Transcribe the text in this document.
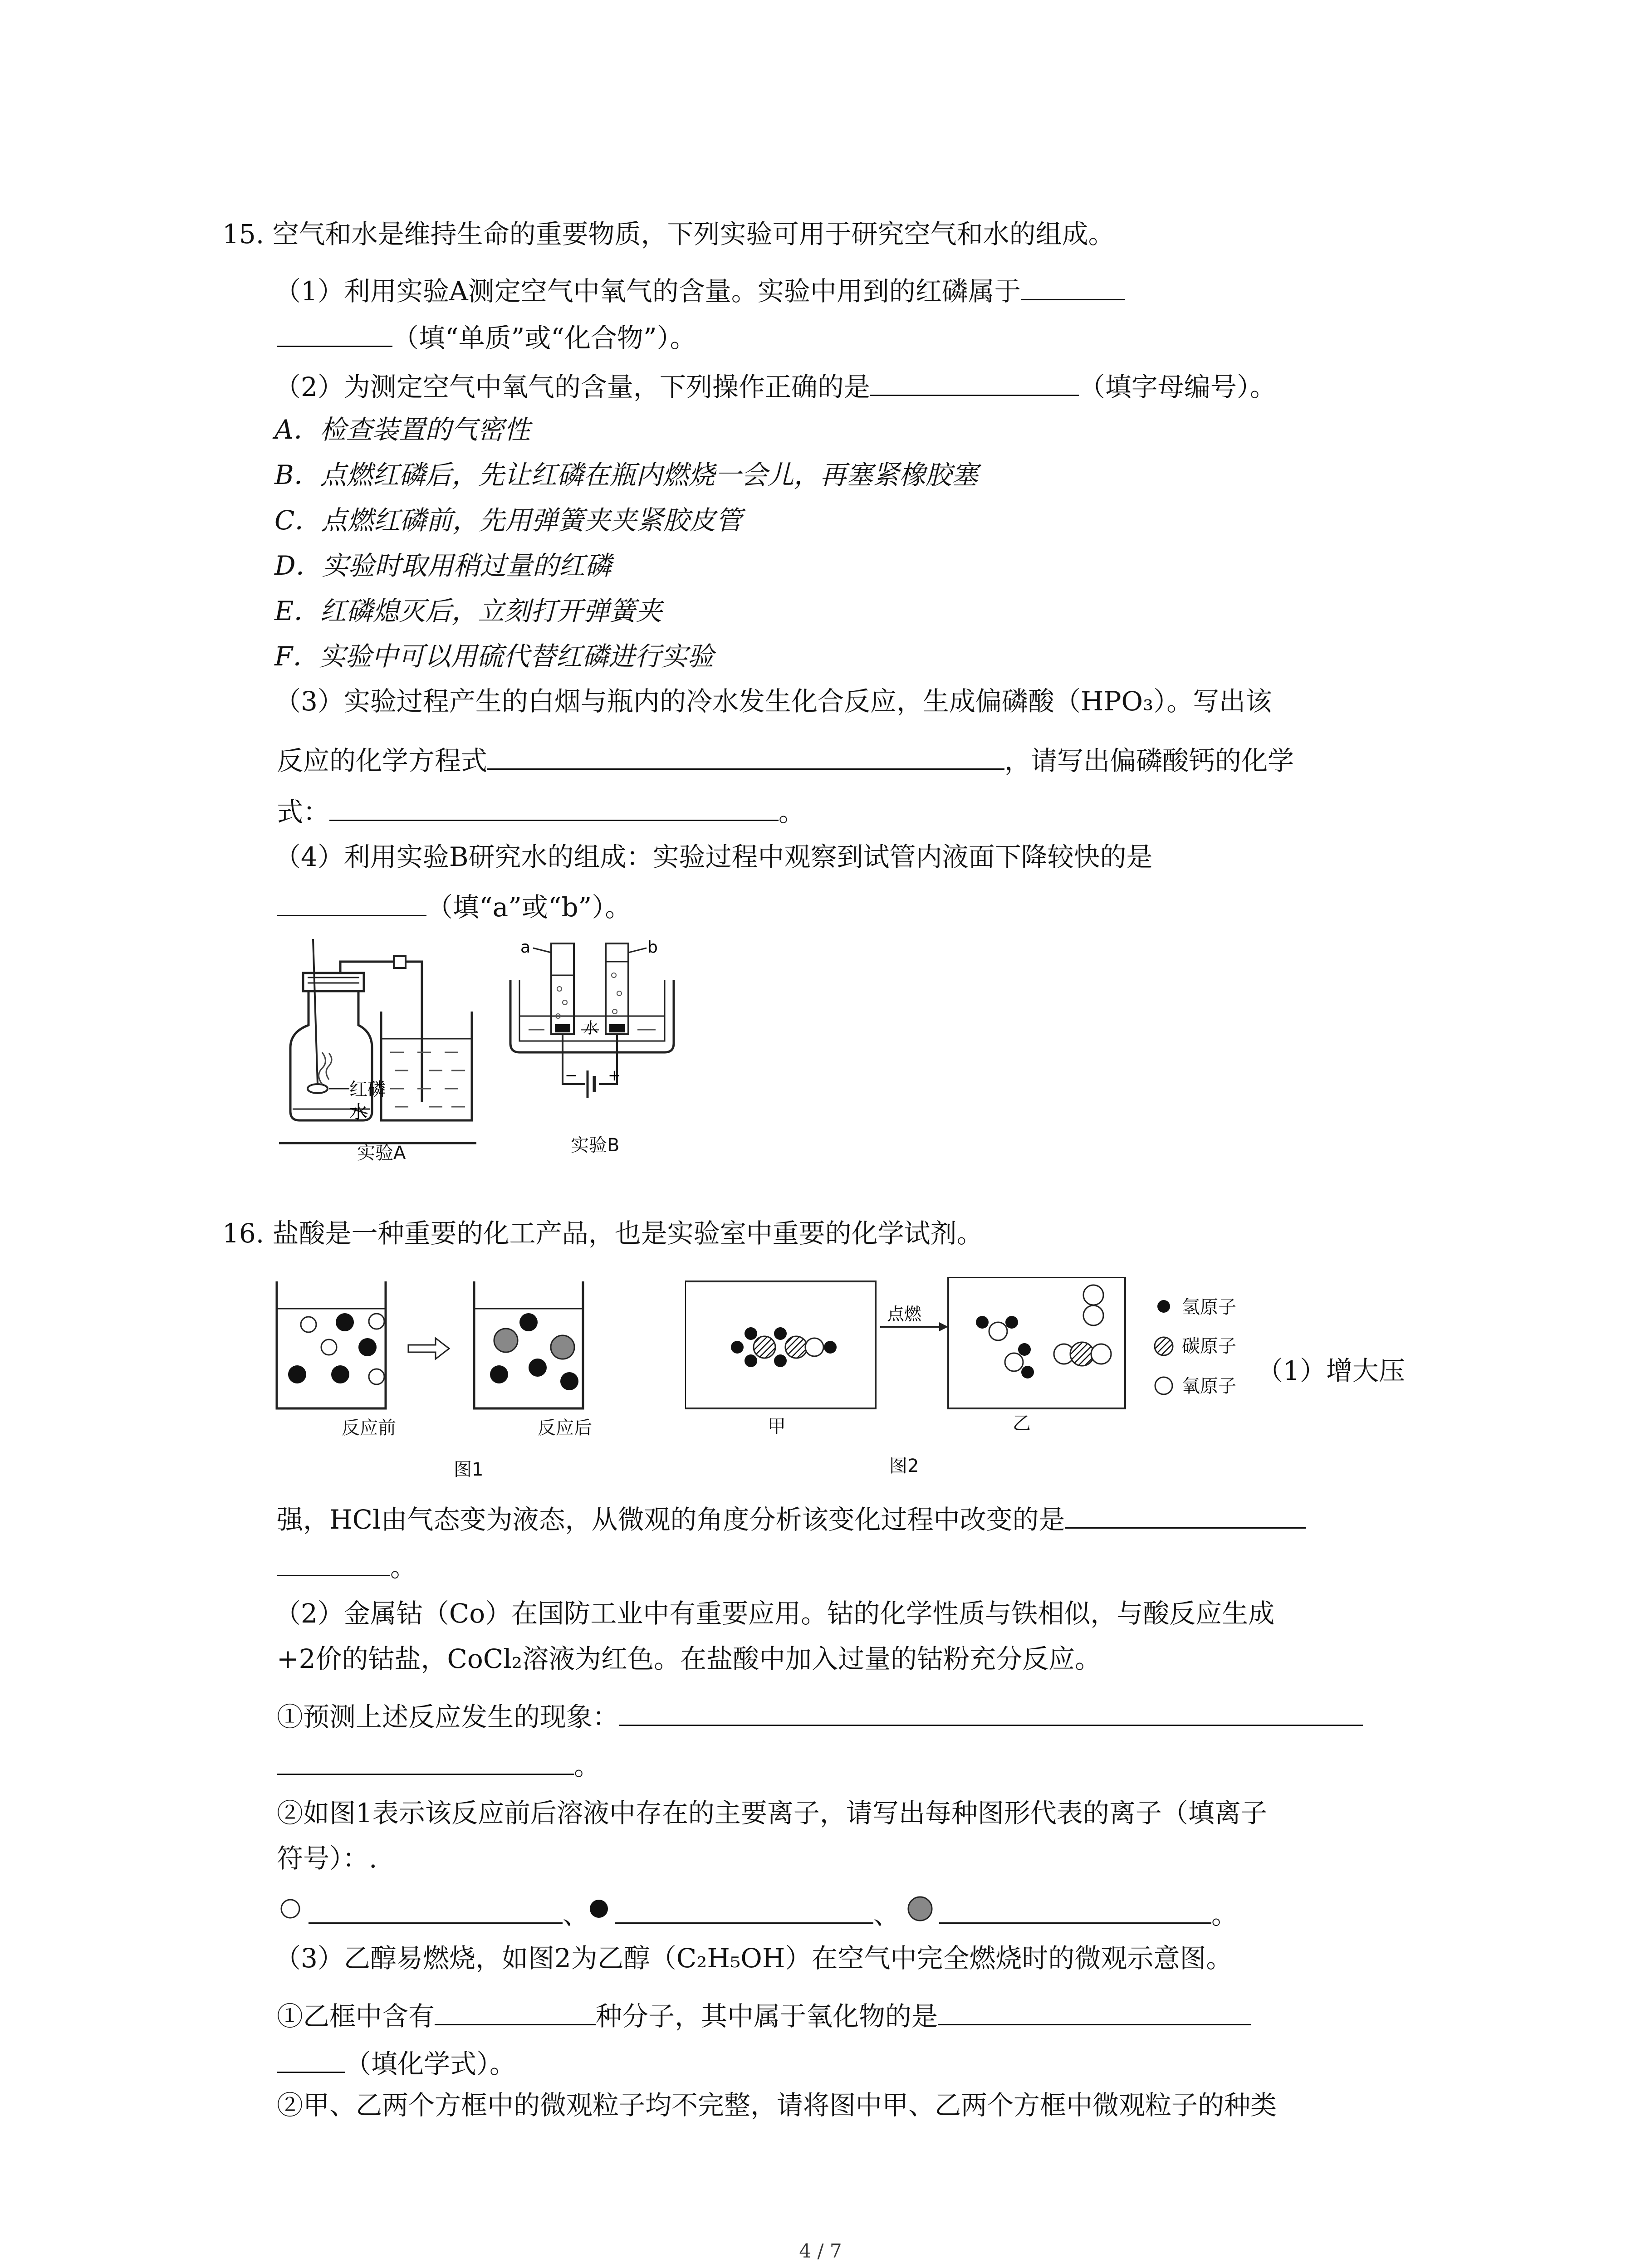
15. 空气和水是维持生命的重要物质，下列实验可用于研究空气和水的组成。
（1）利用实验A测定空气中氧气的含量。实验中用到的红磷属于
（填“单质”或“化合物”）。
（2）为测定空气中氧气的含量，下列操作正确的是	（填字母编号）。
A．检查装置的气密性
B．点燃红磷后，先让红磷在瓶内燃烧一会儿，再塞紧橡胶塞
C．点燃红磷前，先用弹簧夹夹紧胶皮管
D．实验时取用稍过量的红磷
E．红磷熄灭后，立刻打开弹簧夹
F．实验中可以用硫代替红磷进行实验
（3）实验过程产生的白烟与瓶内的冷水发生化合反应，生成偏磷酸（HPO₃）。写出该
反应的化学方程式	，请写出偏磷酸钙的化学
式：	。
（4）利用实验B研究水的组成：实验过程中观察到试管内液面下降较快的是
（填“a”或“b”）。
红磷
水
实验A
水
a	b
− +
实验B
16. 盐酸是一种重要的化工产品，也是实验室中重要的化学试剂。
反应前	反应后
图1
点燃
甲	乙
图2
氢原子
碳原子
氧原子 （1）增大压
强，HCl由气态变为液态，从微观的角度分析该变化过程中改变的是
。
（2）金属钴（Co）在国防工业中有重要应用。钴的化学性质与铁相似，与酸反应生成
+2价的钴盐，CoCl₂溶液为红色。在盐酸中加入过量的钴粉充分反应。
①预测上述反应发生的现象：
。
②如图1表示该反应前后溶液中存在的主要离子，请写出每种图形代表的离子（填离子
符号）：.
、	、	。
（3）乙醇易燃烧，如图2为乙醇（C₂H₅OH）在空气中完全燃烧时的微观示意图。
①乙框中含有	种分子，其中属于氧化物的是
（填化学式）。
②甲、乙两个方框中的微观粒子均不完整，请将图中甲、乙两个方框中微观粒子的种类
4 / 7
